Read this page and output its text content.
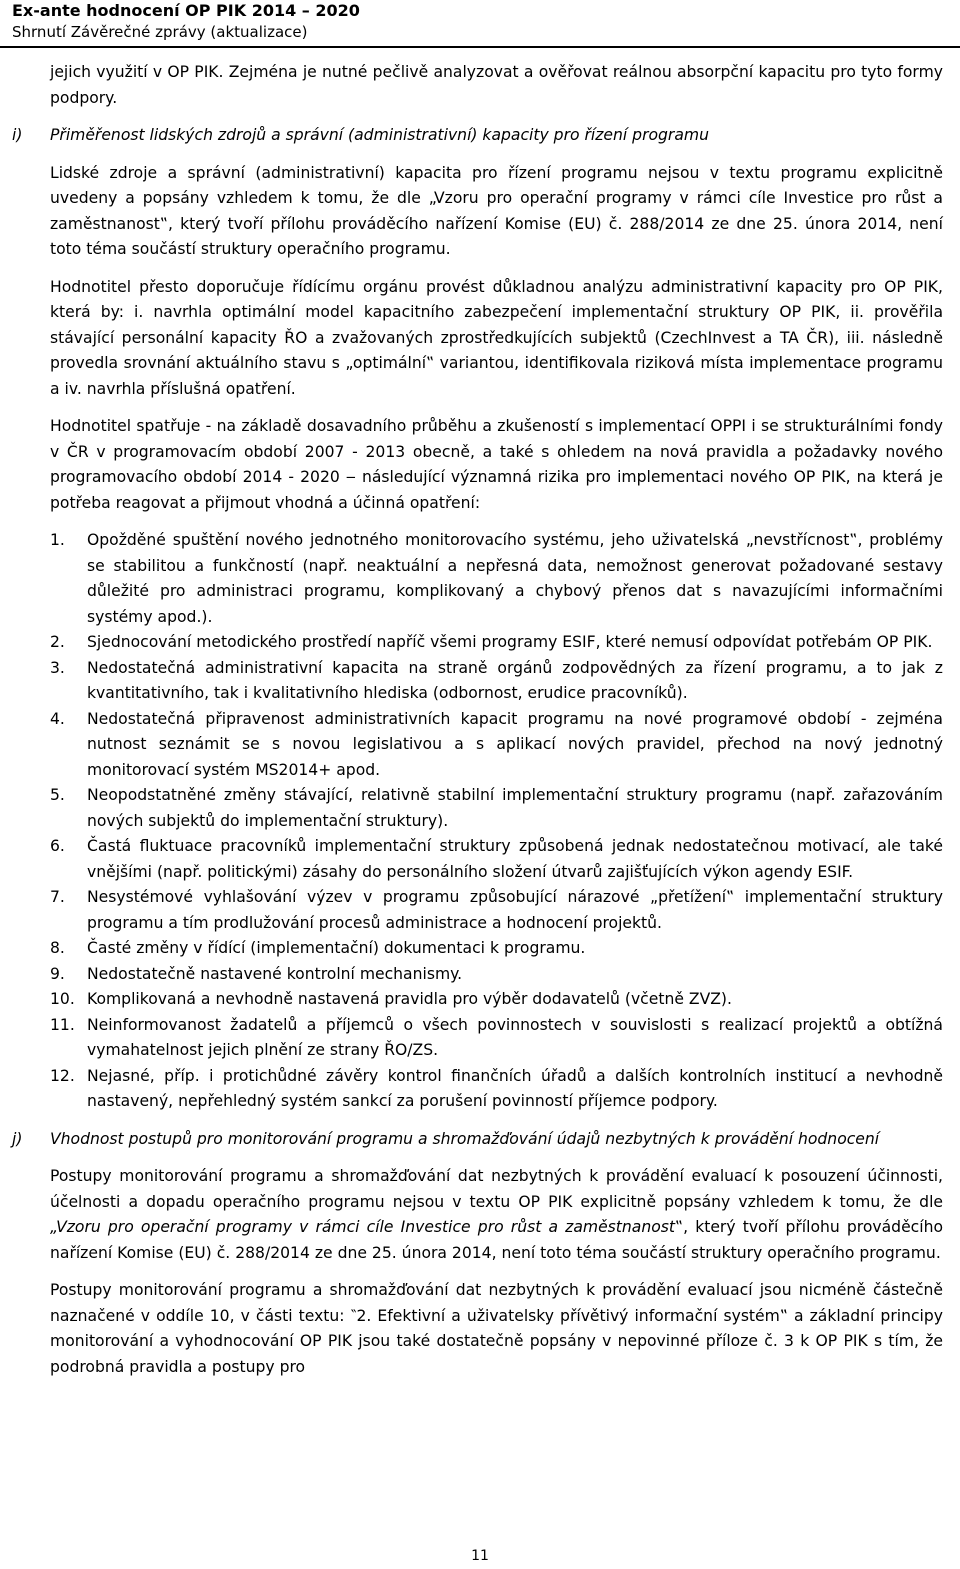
Ex-ante hodnocení OP PIK 2014 – 2020
Shrnutí Závěrečné zprávy (aktualizace)

jejich využití v OP PIK. Zejména je nutné pečlivě analyzovat a ověřovat reálnou absorpční kapacitu pro tyto formy podpory.

i) Přiměřenost lidských zdrojů a správní (administrativní) kapacity pro řízení programu

Lidské zdroje a správní (administrativní) kapacita pro řízení programu nejsou v textu programu explicitně uvedeny a popsány vzhledem k tomu, že dle „Vzoru pro operační programy v rámci cíle Investice pro růst a zaměstnanost‟, který tvoří přílohu prováděcího nařízení Komise (EU) č. 288/2014 ze dne 25. února 2014, není toto téma součástí struktury operačního programu.

Hodnotitel přesto doporučuje řídícímu orgánu provést důkladnou analýzu administrativní kapacity pro OP PIK, která by: i. navrhla optimální model kapacitního zabezpečení implementační struktury OP PIK, ii. prověřila stávající personální kapacity ŘO a zvažovaných zprostředkujících subjektů (CzechInvest a TA ČR), iii. následně provedla srovnání aktuálního stavu s „optimální‟ variantou, identifikovala riziková místa implementace programu a iv. navrhla příslušná opatření.

Hodnotitel spatřuje - na základě dosavadního průběhu a zkušeností s implementací OPPI i se strukturálními fondy v ČR v programovacím období 2007 - 2013 obecně, a také s ohledem na nová pravidla a požadavky nového programovacího období 2014 - 2020 ‒ následující významná rizika pro implementaci nového OP PIK, na která je potřeba reagovat a přijmout vhodná a účinná opatření:

1. Opožděné spuštění nového jednotného monitorovacího systému, jeho uživatelská „nevstřícnost‟, problémy se stabilitou a funkčností (např. neaktuální a nepřesná data, nemožnost generovat požadované sestavy důležité pro administraci programu, komplikovaný a chybový přenos dat s navazujícími informačními systémy apod.).
2. Sjednocování metodického prostředí napříč všemi programy ESIF, které nemusí odpovídat potřebám OP PIK.
3. Nedostatečná administrativní kapacita na straně orgánů zodpovědných za řízení programu, a to jak z kvantitativního, tak i kvalitativního hlediska (odbornost, erudice pracovníků).
4. Nedostatečná připravenost administrativních kapacit programu na nové programové období - zejména nutnost seznámit se s novou legislativou a s aplikací nových pravidel, přechod na nový jednotný monitorovací systém MS2014+ apod.
5. Neopodstatněné změny stávající, relativně stabilní implementační struktury programu (např. zařazováním nových subjektů do implementační struktury).
6. Častá fluktuace pracovníků implementační struktury způsobená jednak nedostatečnou motivací, ale také vnějšími (např. politickými) zásahy do personálního složení útvarů zajišťujících výkon agendy ESIF.
7. Nesystémové vyhlašování výzev v programu způsobující nárazové „přetížení‟ implementační struktury programu a tím prodlužování procesů administrace a hodnocení projektů.
8. Časté změny v řídící (implementační) dokumentaci k programu.
9. Nedostatečně nastavené kontrolní mechanismy.
10. Komplikovaná a nevhodně nastavená pravidla pro výběr dodavatelů (včetně ZVZ).
11. Neinformovanost žadatelů a příjemců o všech povinnostech v souvislosti s realizací projektů a obtížná vymahatelnost jejich plnění ze strany ŘO/ZS.
12. Nejasné, příp. i protichůdné závěry kontrol finančních úřadů a dalších kontrolních institucí a nevhodně nastavený, nepřehledný systém sankcí za porušení povinností příjemce podpory.
j) Vhodnost postupů pro monitorování programu a shromažďování údajů nezbytných k provádění hodnocení

Postupy monitorování programu a shromažďování dat nezbytných k provádění evaluací k posouzení účinnosti, účelnosti a dopadu operačního programu nejsou v textu OP PIK explicitně popsány vzhledem k tomu, že dle „Vzoru pro operační programy v rámci cíle Investice pro růst a zaměstnanost‟, který tvoří přílohu prováděcího nařízení Komise (EU) č. 288/2014 ze dne 25. února 2014, není toto téma součástí struktury operačního programu.

Postupy monitorování programu a shromažďování dat nezbytných k provádění evaluací jsou nicméně částečně naznačené v oddíle 10, v části textu: ‶2. Efektivní a uživatelsky přívětivý informační systém‟ a základní principy monitorování a vyhodnocování OP PIK jsou také dostatečně popsány v nepovinné příloze č. 3 k OP PIK s tím, že podrobná pravidla a postupy pro

11
